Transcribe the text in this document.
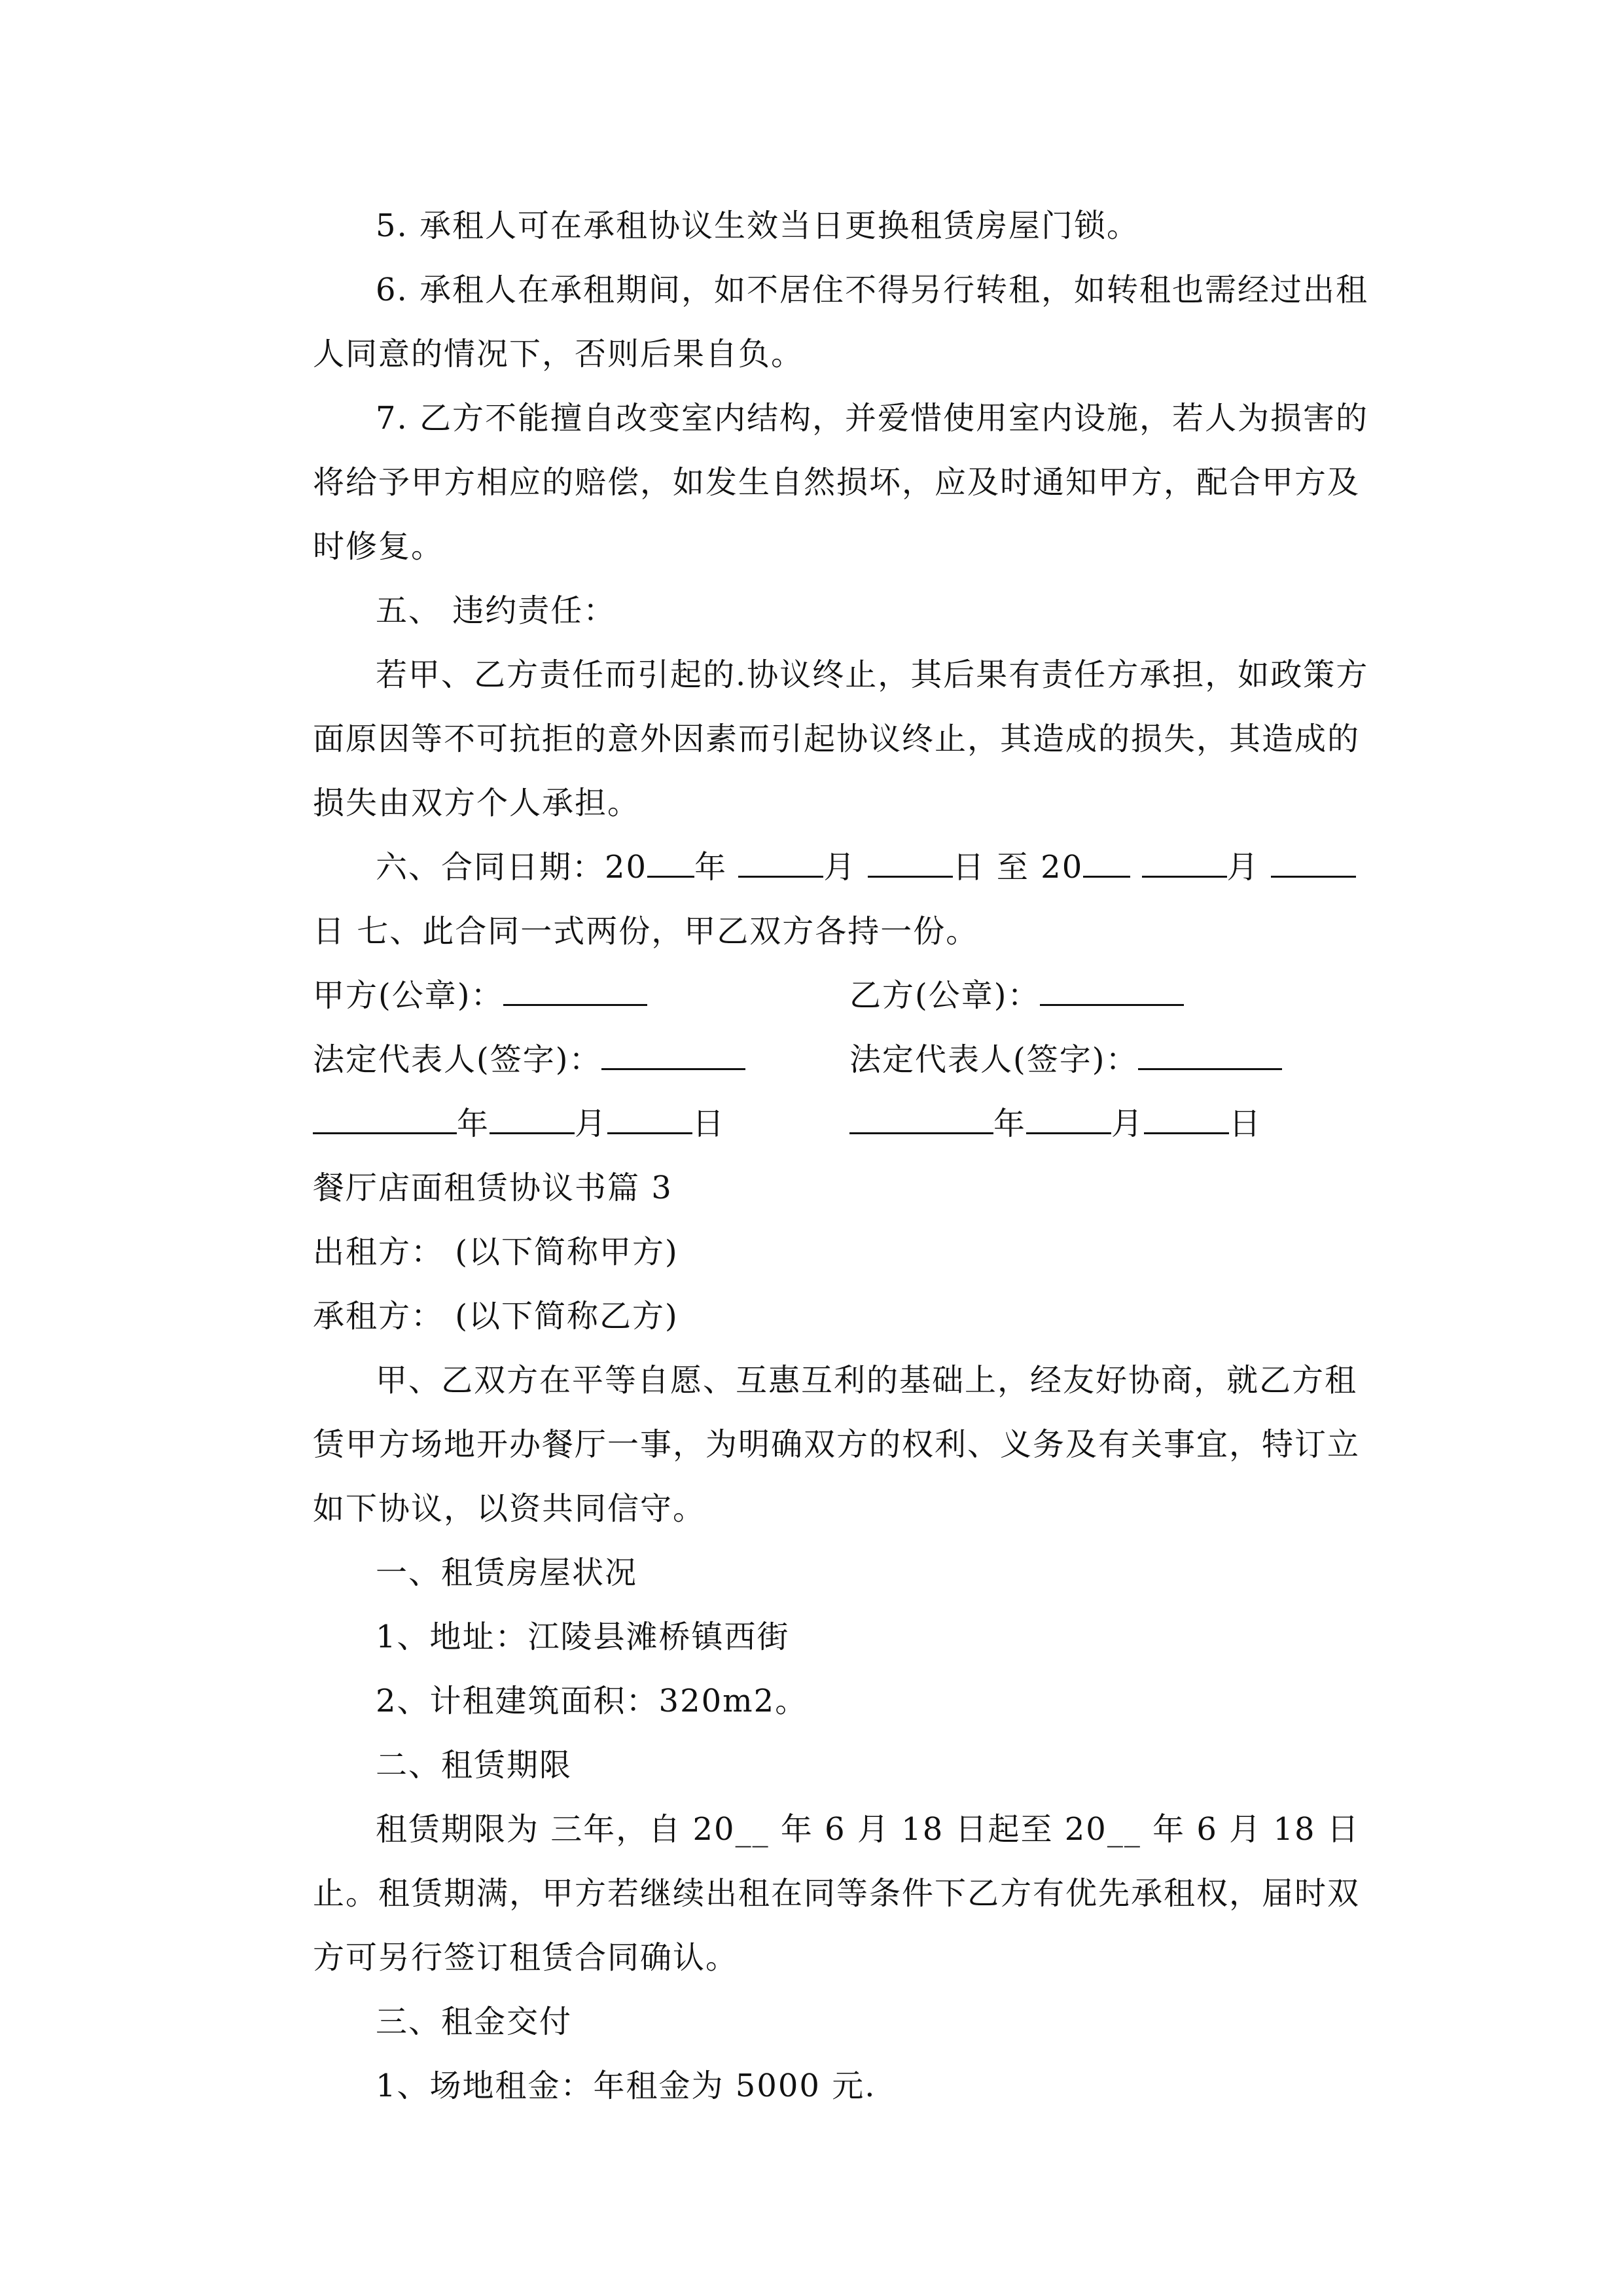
5. 承租人可在承租协议生效当日更换租赁房屋门锁。

6. 承租人在承租期间，如不居住不得另行转租，如转租也需经过出租人同意的情况下，否则后果自负。

7. 乙方不能擅自改变室内结构，并爱惜使用室内设施，若人为损害的将给予甲方相应的赔偿，如发生自然损坏，应及时通知甲方，配合甲方及时修复。

五、 违约责任：

若甲、乙方责任而引起的.协议终止，其后果有责任方承担，如政策方面原因等不可抗拒的意外因素而引起协议终止，其造成的损失，其造成的损失由双方个人承担。

六、合同日期：20 年	月	日 至 20	月 日 七、此合同一式两份，甲乙双方各持一份。

甲方(公章)：	乙方(公章)：
法定代表人(签字)：	法定代表人(签字)：
年	月	日	年	月	日

餐厅店面租赁协议书篇 3

出租方： (以下简称甲方)

承租方： (以下简称乙方)

甲、乙双方在平等自愿、互惠互利的基础上，经友好协商，就乙方租赁甲方场地开办餐厅一事，为明确双方的权利、义务及有关事宜，特订立如下协议，以资共同信守。

一、租赁房屋状况

1、地址：江陵县滩桥镇西街

2、计租建筑面积：320m2。

二、租赁期限

租赁期限为 三年，自 20__ 年 6 月 18 日起至 20__ 年 6 月 18 日止。租赁期满，甲方若继续出租在同等条件下乙方有优先承租权，届时双方可另行签订租赁合同确认。

三、租金交付

1、场地租金：年租金为 5000 元.
